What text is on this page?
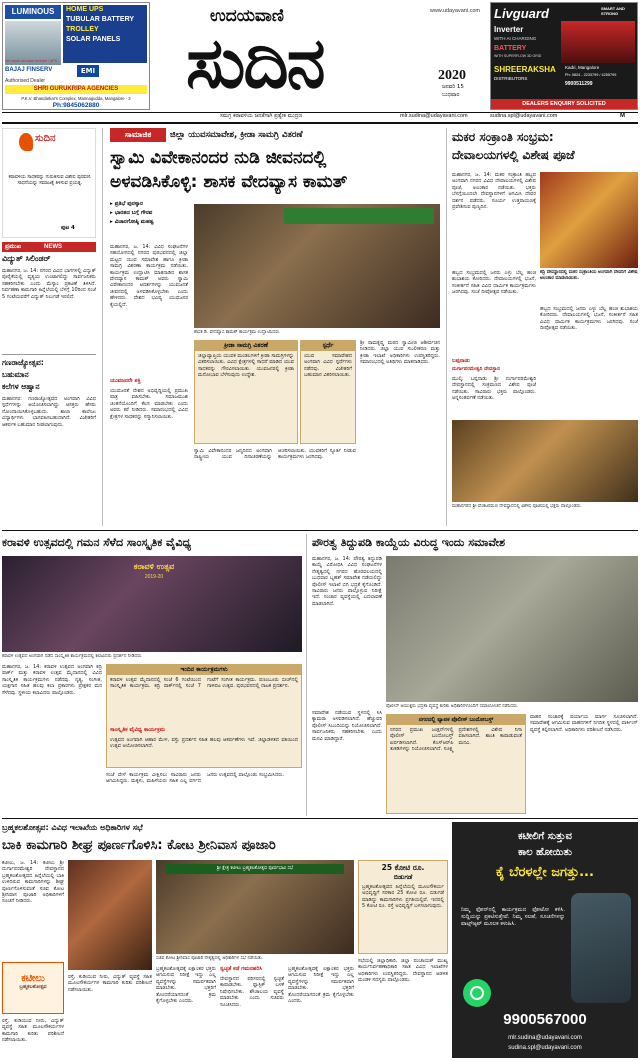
LUMINOUS	HOME UPS
TUBULAR BATTERY
TROLLEY
SOLAR PANELS
BAJAJ FINSERV	EMI
Authorised Dealer
SHRI GURUKRIPA AGENCIES
P.K.V. Bhandarkar's Complex, Mannagudda, Mangalore - 3
Ph:9845062880
We repair all make Inverter / UPS
ಉದಯವಾಣಿ
ಸುದಿನ
www.udayavani.com
2020
ಜನವರಿ 15
ಬುಧವಾರ
Livguard	SMART AND STRONG
Inverter
WITH AI CHARGING
BATTERY
WITH SUPERFLOW 3D GRID
SHREERAKSHA
DISTRIBUTORS
Kadri, Mangalore
Ph: 0824 - 2233799 / 4255799
9900511299
DEALERS ENQUIRY SOLICITED
ಸಮಗ್ರ ಕರಾವಳಿಯ ಜನತೆಗಾಗಿ ಪ್ರತ್ಯೇಕ ಮುದ್ರಣ	mlr.sudina@udayavani.com	sudina.spl@udayavani.com	M
ಸುದಿನ
ಕರಾವಳಿಯ ಸಾಧಕರನ್ನು ಗುರುತಿಸುವ ವಿಶೇಷ ಪುರವಣಿ. ಸಾಧನೆಯನ್ನು ಸಮಾಜಕ್ಕೆ ತಿಳಿಸುವ ಪ್ರಯತ್ನ.
ಪುಟ 4
ಪ್ರಮುಖ	NEWS
ವಿದ್ಯುತ್ ಸಿಲಿಂಡರ್
ಮಹಾನಗರ, ಜ. 14: ನಗರದ ವಿವಿಧ ಭಾಗಗಳಲ್ಲಿ ವಿದ್ಯುತ್ ಪೂರೈಕೆಯಲ್ಲಿ ವ್ಯತ್ಯಯ ಉಂಟಾಗಲಿದ್ದು ಸಾರ್ವಜನಿಕರು ಸಹಕರಿಸಬೇಕು ಎಂದು ಮೆಸ್ಕಾಂ ಪ್ರಕಟಣೆ ತಿಳಿಸಿದೆ. ನಿರ್ವಹಣಾ ಕಾಮಗಾರಿ ಹಿನ್ನೆಲೆಯಲ್ಲಿ ಬೆಳಗ್ಗೆ 10ರಿಂದ ಸಂಜೆ 5 ಗಂಟೆಯವರೆಗೆ ವಿದ್ಯುತ್ ನಿಲುಗಡೆ ಇರಲಿದೆ.
ಗಣರಾಜ್ಯೋತ್ಸವ:
ಬಹುಮಾನ
ಕಲೆಗಳ ಆಹ್ವಾನ
ಮಹಾನಗರ: ಗಣರಾಜ್ಯೋತ್ಸವದ ಅಂಗವಾಗಿ ವಿವಿಧ ಸ್ಪರ್ಧೆಗಳನ್ನು ಆಯೋಜಿಸಲಾಗಿದ್ದು ಆಸಕ್ತರು ಹೆಸರು ನೋಂದಾಯಿಸಿಕೊಳ್ಳಬಹುದು. ಶಾಲಾ ಕಾಲೇಜು ವಿದ್ಯಾರ್ಥಿಗಳು ಭಾಗವಹಿಸಬಹುದಾಗಿದೆ. ವಿಜೇತರಿಗೆ ಆಕರ್ಷಕ ಬಹುಮಾನ ನೀಡಲಾಗುವುದು.
ಸಾಮಾಜಿಕ	ಜಿಲ್ಲಾ ಯುವಸಮಾವೇಶ, ಕ್ರೀಡಾ ಸಾಮಗ್ರಿ ವಿತರಣೆ
ಸ್ವಾಮಿ ವಿವೇಕಾನಂದರ ನುಡಿ ಜೀವನದಲ್ಲಿ
ಅಳವಡಿಸಿಕೊಳ್ಳಿ: ಶಾಸಕ ವೇದವ್ಯಾಸ ಕಾಮತ್
▸ ಪ್ರತಿಭೆ ಪುರಸ್ಕಾರ
▸ ಭಾರತದ ಬಗ್ಗೆ ಗೌರವ
▸ ವಿಚಾರಗೋಷ್ಠಿ ಮಹತ್ವ
ಮಹಾನಗರ, ಜ. 14: ವಿವಿಧ ಸಂಘಟನೆಗಳ ಸಹಯೋಗದಲ್ಲಿ ನಗರದ ಪುರಭವನದಲ್ಲಿ ಜಿಲ್ಲಾ ಮಟ್ಟದ ಯುವ ಸಮಾವೇಶ ಹಾಗೂ ಕ್ರೀಡಾ ಸಾಮಗ್ರಿ ವಿತರಣಾ ಕಾರ್ಯಕ್ರಮ ನಡೆಯಿತು. ಕಾರ್ಯಕ್ರಮ ಉದ್ಘಾಟಿಸಿ ಮಾತನಾಡಿದ ಶಾಸಕ ವೇದವ್ಯಾಸ ಕಾಮತ್ ಅವರು ಸ್ವಾಮಿ ವಿವೇಕಾನಂದರ ಆದರ್ಶಗಳನ್ನು ಯುವಜನತೆ ಜೀವನದಲ್ಲಿ ಅಳವಡಿಸಿಕೊಳ್ಳಬೇಕು ಎಂದು ಹೇಳಿದರು. ದೇಶದ ಭವಿಷ್ಯ ಯುವಜನರ ಕೈಯಲ್ಲಿದೆ.
ಯುವಜನರೇ ಶಕ್ತಿ
ಯುವಜನತೆ ದೇಶದ ಅಭಿವೃದ್ಧಿಯಲ್ಲಿ ಪ್ರಮುಖ ಪಾತ್ರ ವಹಿಸಬೇಕು. ಸಮಾಜಮುಖಿ ಚಿಂತನೆಯೊಂದಿಗೆ ಕೆಲಸ ಮಾಡಬೇಕು ಎಂದು ಅವರು ಕರೆ ನೀಡಿದರು. ಸಮಾರಂಭದಲ್ಲಿ ವಿವಿಧ ಕ್ಷೇತ್ರಗಳ ಸಾಧಕರನ್ನು ಸನ್ಮಾನಿಸಲಾಯಿತು.
ಶಾಸಕ ಡಿ. ವೇದವ್ಯಾಸ ಕಾಮತ್ ಕಾರ್ಯಕ್ರಮ ಉದ್ಘಾಟಿಸಿದರು.
ಕ್ರೀಡಾ ಸಾಮಗ್ರಿ ವಿತರಣೆ
ಜಿಲ್ಲಾವ್ಯಾಪ್ತಿಯ ಯುವಕ ಮಂಡಲಗಳಿಗೆ ಕ್ರೀಡಾ ಸಾಮಗ್ರಿಗಳನ್ನು ವಿತರಿಸಲಾಯಿತು. ವಿವಿಧ ಕ್ಷೇತ್ರಗಳಲ್ಲಿ ಸಾಧನೆ ಮಾಡಿದ ಯುವ ಸಾಧಕರನ್ನು ಗೌರವಿಸಲಾಯಿತು. ಯುವಜನರಲ್ಲಿ ಕ್ರೀಡಾ ಮನೋಭಾವ ಬೆಳೆಸುವುದು ಉದ್ದೇಶ.
ಸ್ಪರ್ಧೆ
ಯುವ ಸಮಾವೇಶದ ಅಂಗವಾಗಿ ವಿವಿಧ ಸ್ಪರ್ಧೆಗಳು ನಡೆದವು. ವಿಜೇತರಿಗೆ ಬಹುಮಾನ ವಿತರಿಸಲಾಯಿತು.
ಶ್ರೀ ರಾಮಕೃಷ್ಣ ಮಠದ ಸ್ವಾಮೀಜಿ ಆಶೀರ್ವಚನ ನೀಡಿದರು. ಜಿಲ್ಲಾ ಯುವ ಸಬಲೀಕರಣ ಮತ್ತು ಕ್ರೀಡಾ ಇಲಾಖೆ ಅಧಿಕಾರಿಗಳು ಉಪಸ್ಥಿತರಿದ್ದರು. ಸಮಾರಂಭದಲ್ಲಿ ಅತಿಥಿಗಳು ಮಾತನಾಡಿದರು.
ಸ್ವಾಮಿ ವಿವೇಕಾನಂದರ ಜನ್ಮದಿನದ ಅಂಗವಾಗಿ ರಾಷ್ಟ್ರೀಯ ಯುವ ದಿನಾಚರಣೆಯನ್ನು ಆಚರಿಸಲಾಯಿತು. ಯುವಕರಿಗೆ ಸ್ಫೂರ್ತಿ ನೀಡುವ ಕಾರ್ಯಕ್ರಮಗಳು ಜರಗಿದವು.
ಮಕರ ಸಂಕ್ರಾಂತಿ ಸಂಭ್ರಮ:
ದೇವಾಲಯಗಳಲ್ಲಿ ವಿಶೇಷ ಪೂಜೆ
ಮಹಾನಗರ, ಜ. 14: ಮಕರ ಸಂಕ್ರಾಂತಿ ಹಬ್ಬದ ಅಂಗವಾಗಿ ನಗರದ ವಿವಿಧ ದೇವಾಲಯಗಳಲ್ಲಿ ವಿಶೇಷ ಪೂಜೆ, ಅಲಂಕಾರ ನಡೆಯಿತು. ಭಕ್ತರು ಬೆಳಗ್ಗೆಯಿಂದಲೇ ದೇವಸ್ಥಾನಗಳಿಗೆ ಆಗಮಿಸಿ ದೇವರ ದರ್ಶನ ಪಡೆದರು. ಸೂರ್ಯ ಉತ್ತರಾಯಣಕ್ಕೆ ಪ್ರವೇಶಿಸುವ ಪುಣ್ಯದಿನ.
ಕದ್ರಿ ದೇವಸ್ಥಾನದಲ್ಲಿ ಮಕರ ಸಂಕ್ರಾಂತಿಯ ಅಂಗವಾಗಿ ದೇವರಿಗೆ ವಿಶೇಷ ಅಲಂಕಾರ ಮಾಡಲಾಯಿತು.
ಹಬ್ಬದ ಸಂಭ್ರಮದಲ್ಲಿ ಜನರು ಎಳ್ಳು ಬೆಲ್ಲ ಹಂಚಿ ಶುಭಾಶಯ ಕೋರಿದರು. ದೇವಾಲಯಗಳಲ್ಲಿ ಭಜನೆ, ಸಂಕೀರ್ತನೆ ಸಹಿತ ವಿವಿಧ ಧಾರ್ಮಿಕ ಕಾರ್ಯಕ್ರಮಗಳು ಜರಗಿದವು. ಸಂಜೆ ದೀಪೋತ್ಸವ ನಡೆಯಿತು.
ಬಪ್ಪನಾಡು
ದುರ್ಗಾಪರಮೇಶ್ವರಿ ದೇವಸ್ಥಾನ
ಮುಲ್ಕಿ: ಬಪ್ಪನಾಡು ಶ್ರೀ ದುರ್ಗಾಪರಮೇಶ್ವರಿ ದೇವಸ್ಥಾನದಲ್ಲಿ ಸಂಕ್ರಮಣದ ವಿಶೇಷ ಪೂಜೆ ನಡೆಯಿತು. ಸಾವಿರಾರು ಭಕ್ತರು ಪಾಲ್ಗೊಂಡರು. ಅನ್ನಸಂತರ್ಪಣೆ ನಡೆಯಿತು.
ಹಬ್ಬದ ಸಂಭ್ರಮದಲ್ಲಿ ಜನರು ಎಳ್ಳು ಬೆಲ್ಲ ಹಂಚಿ ಶುಭಾಶಯ ಕೋರಿದರು. ದೇವಾಲಯಗಳಲ್ಲಿ ಭಜನೆ, ಸಂಕೀರ್ತನೆ ಸಹಿತ ವಿವಿಧ ಧಾರ್ಮಿಕ ಕಾರ್ಯಕ್ರಮಗಳು ಜರಗಿದವು. ಸಂಜೆ ದೀಪೋತ್ಸವ ನಡೆಯಿತು.
ಮಹಾನಗರದ ಶ್ರೀ ವೆಂಕಟರಮಣ ದೇವಸ್ಥಾನದಲ್ಲಿ ವಿಶೇಷ ಪೂಜೆಯಲ್ಲಿ ಭಕ್ತರು ಪಾಲ್ಗೊಂಡರು.
ಕರಾವಳಿ ಉತ್ಸವದಲ್ಲಿ ಗಮನ ಸೆಳೆದ ಸಾಂಸ್ಕೃತಿಕ ವೈವಿಧ್ಯ
ಕರಾವಳಿ ಉತ್ಸವ
2019-20
ಕರಾವಳಿ ಉತ್ಸವದ ಅಂಗವಾಗಿ ನಡೆದ ಸಾಂಸ್ಕೃತಿಕ ಕಾರ್ಯಕ್ರಮದಲ್ಲಿ ಕಲಾವಿದರು ಪ್ರದರ್ಶನ ನೀಡಿದರು.
ಮಹಾನಗರ, ಜ. 14: ಕರಾವಳಿ ಉತ್ಸವದ ಅಂಗವಾಗಿ ಕದ್ರಿ ಪಾರ್ಕ್ ಮತ್ತು ಕರಾವಳಿ ಉತ್ಸವ ಮೈದಾನದಲ್ಲಿ ವಿವಿಧ ಸಾಂಸ್ಕೃತಿಕ ಕಾರ್ಯಕ್ರಮಗಳು ನಡೆದವು. ನೃತ್ಯ, ಸಂಗೀತ, ಯಕ್ಷಗಾನ ಸಹಿತ ಹಲವು ಕಲಾ ಪ್ರಕಾರಗಳು ಪ್ರೇಕ್ಷಕರ ಮನ ಸೆಳೆದವು. ಸ್ಥಳೀಯ ಕಲಾವಿದರು ಪಾಲ್ಗೊಂಡರು.
ಇಂದಿನ ಕಾರ್ಯಕ್ರಮಗಳು
ಕರಾವಳಿ ಉತ್ಸವ ಮೈದಾನದಲ್ಲಿ ಸಂಜೆ 6 ಗಂಟೆಯಿಂದ ಸಾಂಸ್ಕೃತಿಕ ಕಾರ್ಯಕ್ರಮ. ಕದ್ರಿ ಪಾರ್ಕ್‌ನಲ್ಲಿ ಸಂಜೆ 7 ಗಂಟೆಗೆ ಸಂಗೀತ ಕಾರ್ಯಕ್ರಮ. ಪಣಂಬೂರು ಬೀಚ್‌ನಲ್ಲಿ ಗಾಳಿಪಟ ಉತ್ಸವ. ಪುರಭವನದಲ್ಲಿ ನಾಟಕ ಪ್ರದರ್ಶನ.
ಸಾಂಸ್ಕೃತಿಕ ವೈವಿಧ್ಯ ಕಾರ್ಯಕ್ರಮ
ಉತ್ಸವದ ಅಂಗವಾಗಿ ಆಹಾರ ಮೇಳ, ವಸ್ತು ಪ್ರದರ್ಶನ ಸಹಿತ ಹಲವು ಆಕರ್ಷಣೆಗಳು ಇವೆ. ಜಿಲ್ಲಾಡಳಿತದ ವತಿಯಿಂದ ಉತ್ಸವ ಆಯೋಜಿಸಲಾಗಿದೆ.
ಸಂಜೆ ವೇಳೆ ಕಾರ್ಯಕ್ರಮ ವೀಕ್ಷಿಸಲು ಸಾವಿರಾರು ಜನರು ಆಗಮಿಸಿದ್ದರು. ಮಕ್ಕಳು, ಮಹಿಳೆಯರು ಸಹಿತ ಎಲ್ಲ ವರ್ಗದ ಜನರು ಉತ್ಸವದಲ್ಲಿ ಪಾಲ್ಗೊಂಡು ಸಂಭ್ರಮಿಸಿದರು.
ಪೌರತ್ವ ತಿದ್ದುಪಡಿ ಕಾಯ್ದೆಯ ವಿರುದ್ಧ ಇಂದು ಸಮಾವೇಶ
ಮಹಾನಗರ, ಜ. 14: ಪೌರತ್ವ ತಿದ್ದುಪಡಿ ಕಾಯ್ದೆ ವಿರೋಧಿಸಿ ವಿವಿಧ ಸಂಘಟನೆಗಳ ನೇತೃತ್ವದಲ್ಲಿ ನಗರದ ಹೊರವಲಯದಲ್ಲಿ ಬುಧವಾರ ಬೃಹತ್ ಸಮಾವೇಶ ನಡೆಯಲಿದ್ದು ಪೊಲೀಸ್ ಇಲಾಖೆ ಬಿಗಿ ಭದ್ರತೆ ಕೈಗೊಂಡಿದೆ. ಸಾವಿರಾರು ಜನರು ಪಾಲ್ಗೊಳ್ಳುವ ನಿರೀಕ್ಷೆ ಇದೆ. ಸಂಚಾರ ವ್ಯವಸ್ಥೆಯಲ್ಲಿ ಬದಲಾವಣೆ ಮಾಡಲಾಗಿದೆ.
ಪೊಲೀಸ್ ಆಯುಕ್ತರು ಭದ್ರತಾ ವ್ಯವಸ್ಥೆ ಕುರಿತು ಅಧಿಕಾರಿಗಳೊಂದಿಗೆ ಸಮಾಲೋಚನೆ ನಡೆಸಿದರು.
ಸಮಾವೇಶ ನಡೆಯುವ ಸ್ಥಳದಲ್ಲಿ ಸಿಸಿ ಕ್ಯಾಮರಾ ಅಳವಡಿಸಲಾಗಿದೆ. ಹೆಚ್ಚುವರಿ ಪೊಲೀಸ್ ಸಿಬಂದಿಯನ್ನು ನಿಯೋಜಿಸಲಾಗಿದೆ. ಸಾರ್ವಜನಿಕರು ಸಹಕರಿಸಬೇಕು ಎಂದು ಮನವಿ ಮಾಡಿದ್ದಾರೆ.
ನಗರದಲ್ಲಿ ವ್ಯಾಪಕ ಪೊಲೀಸ್ ಬಂದೋಬಸ್ತ್
ನಗರದ ಪ್ರಮುಖ ಜಂಕ್ಷನ್‌ಗಳಲ್ಲಿ ಪೊಲೀಸ್ ಬಂದೋಬಸ್ತ್ ಏರ್ಪಡಿಸಲಾಗಿದೆ. ಕೆಎಸ್ಆರ್‌ಪಿ ತುಕಡಿಗಳನ್ನು ನಿಯೋಜಿಸಲಾಗಿದೆ. ಸೂಕ್ಷ್ಮ ಪ್ರದೇಶಗಳಲ್ಲಿ ವಿಶೇಷ ನಿಗಾ ವಹಿಸಲಾಗಿದೆ. ಶಾಂತಿ ಕಾಪಾಡುವಂತೆ ಮನವಿ.
ವಾಹನ ಸಂಚಾರಕ್ಕೆ ಪರ್ಯಾಯ ಮಾರ್ಗ ಸೂಚಿಸಲಾಗಿದೆ. ಸಮಾವೇಶಕ್ಕೆ ಆಗಮಿಸುವ ವಾಹನಗಳಿಗೆ ನಿಗದಿತ ಸ್ಥಳದಲ್ಲಿ ಪಾರ್ಕಿಂಗ್ ವ್ಯವಸ್ಥೆ ಕಲ್ಪಿಸಲಾಗಿದೆ. ಅಧಿಕಾರಿಗಳು ಪರಿಶೀಲನೆ ನಡೆಸಿದರು.
ಬ್ರಹ್ಮಕಲಶೋತ್ಸವ: ವಿವಿಧ ಇಲಾಖೆಯ ಅಧಿಕಾರಿಗಳ ಸಭೆ
ಬಾಕಿ ಕಾಮಗಾರಿ ಶೀಘ್ರ ಪೂರ್ಣಗೊಳಿಸಿ: ಕೋಟ ಶ್ರೀನಿವಾಸ ಪೂಜಾರಿ
ಕಟೀಲು, ಜ. 14: ಕಟೀಲು ಶ್ರೀ ದುರ್ಗಾಪರಮೇಶ್ವರಿ ದೇವಸ್ಥಾನದ ಬ್ರಹ್ಮಕಲಶೋತ್ಸವದ ಹಿನ್ನೆಲೆಯಲ್ಲಿ ಬಾಕಿ ಉಳಿದಿರುವ ಕಾಮಗಾರಿಗಳನ್ನು ಶೀಘ್ರ ಪೂರ್ಣಗೊಳಿಸುವಂತೆ ಸಚಿವ ಕೋಟ ಶ್ರೀನಿವಾಸ ಪೂಜಾರಿ ಅಧಿಕಾರಿಗಳಿಗೆ ಸೂಚನೆ ನೀಡಿದರು.
ಕಟೀಲು
ಬ್ರಹ್ಮಕಲಶೋತ್ಸವ
ರಸ್ತೆ, ಕುಡಿಯುವ ನೀರು, ವಿದ್ಯುತ್ ವ್ಯವಸ್ಥೆ ಸಹಿತ ಮೂಲಸೌಕರ್ಯಗಳ ಕಾಮಗಾರಿ ಕುರಿತು ಪರಿಶೀಲನೆ ನಡೆಸಲಾಯಿತು.
ರಸ್ತೆ, ಕುಡಿಯುವ ನೀರು, ವಿದ್ಯುತ್ ವ್ಯವಸ್ಥೆ ಸಹಿತ ಮೂಲಸೌಕರ್ಯಗಳ ಕಾಮಗಾರಿ ಕುರಿತು ಪರಿಶೀಲನೆ ನಡೆಸಲಾಯಿತು.
ಶ್ರೀ ಕ್ಷೇತ್ರ ಕಟೀಲು ಬ್ರಹ್ಮಕಲಶೋತ್ಸವ ಪೂರ್ವಭಾವಿ ಸಭೆ
ಸಚಿವ ಕೋಟ ಶ್ರೀನಿವಾಸ ಪೂಜಾರಿ ನೇತೃತ್ವದಲ್ಲಿ ಅಧಿಕಾರಿಗಳ ಸಭೆ ನಡೆಯಿತು.
ಬ್ರಹ್ಮಕಲಶೋತ್ಸವಕ್ಕೆ ಲಕ್ಷಾಂತರ ಭಕ್ತರು ಆಗಮಿಸುವ ನಿರೀಕ್ಷೆ ಇದ್ದು ಎಲ್ಲ ವ್ಯವಸ್ಥೆಗಳನ್ನು ಸಮರ್ಪಕವಾಗಿ ಮಾಡಬೇಕು. ಭಕ್ತರಿಗೆ ತೊಂದರೆಯಾಗದಂತೆ ಕ್ರಮ ಕೈಗೊಳ್ಳಬೇಕು ಎಂದರು.
ಸ್ವಚ್ಛತೆ ಕಡೆ ಗಮನಹರಿಸಿ
ದೇವಸ್ಥಾನದ ಪರಿಸರದಲ್ಲಿ ಸ್ವಚ್ಛತೆ ಕಾಪಾಡಬೇಕು. ಪ್ಲಾಸ್ಟಿಕ್ ಬಳಕೆ ನಿಷೇಧಿಸಬೇಕು. ಶೌಚಾಲಯ ವ್ಯವಸ್ಥೆ ಮಾಡಬೇಕು ಎಂದು ಸಚಿವರು ಸೂಚಿಸಿದರು.
ಬ್ರಹ್ಮಕಲಶೋತ್ಸವಕ್ಕೆ ಲಕ್ಷಾಂತರ ಭಕ್ತರು ಆಗಮಿಸುವ ನಿರೀಕ್ಷೆ ಇದ್ದು ಎಲ್ಲ ವ್ಯವಸ್ಥೆಗಳನ್ನು ಸಮರ್ಪಕವಾಗಿ ಮಾಡಬೇಕು. ಭಕ್ತರಿಗೆ ತೊಂದರೆಯಾಗದಂತೆ ಕ್ರಮ ಕೈಗೊಳ್ಳಬೇಕು ಎಂದರು.
25 ಕೋಟಿ ರೂ.
ಬಿಡುಗಡೆ
ಬ್ರಹ್ಮಕಲಶೋತ್ಸವದ ಹಿನ್ನೆಲೆಯಲ್ಲಿ ಮೂಲಸೌಕರ್ಯ ಅಭಿವೃದ್ಧಿಗೆ ಸರಕಾರ 25 ಕೋಟಿ ರೂ. ಬಿಡುಗಡೆ ಮಾಡಿದ್ದು ಕಾಮಗಾರಿಗಳು ಪ್ರಗತಿಯಲ್ಲಿವೆ. ಇದರಲ್ಲಿ 5 ಕೋಟಿ ರೂ. ರಸ್ತೆ ಅಭಿವೃದ್ಧಿಗೆ ಬಳಸಲಾಗುವುದು.
ಸಭೆಯಲ್ಲಿ ಜಿಲ್ಲಾಧಿಕಾರಿ, ಜಿಲ್ಲಾ ಪಂಚಾಯತ್ ಮುಖ್ಯ ಕಾರ್ಯನಿರ್ವಹಣಾಧಿಕಾರಿ ಸಹಿತ ವಿವಿಧ ಇಲಾಖೆಗಳ ಅಧಿಕಾರಿಗಳು ಉಪಸ್ಥಿತರಿದ್ದರು. ದೇವಸ್ಥಾನದ ಆಡಳಿತ ಮಂಡಳಿ ಸದಸ್ಯರು ಪಾಲ್ಗೊಂಡರು.
ಕಟೀಲಿಗೆ ಸುತ್ತುವ
ಕಾಲ ಹೋಯಿತು
ಕೈ ಬೆರಳಲ್ಲೇ ಜಗತ್ತು...
ನಿಮ್ಮ ಫೋನ್‌ನಲ್ಲಿ ಕಾರ್ಯಕ್ರಮದ ಫೋಟೋ ಕಳಿಸಿ. ಸುದ್ದಿಯನ್ನು ಪ್ರಕಟಿಸುತ್ತೇವೆ. ನಿಮ್ಮ ಸಲಹೆ, ಸೂಚನೆಗಳನ್ನು ವಾಟ್ಸ್ಆ್ಯಪ್ ಮೂಲಕ ಕಳುಹಿಸಿ.
9900567000
mlr.sudina@udayavani.com
sudina.spl@udayavani.com
